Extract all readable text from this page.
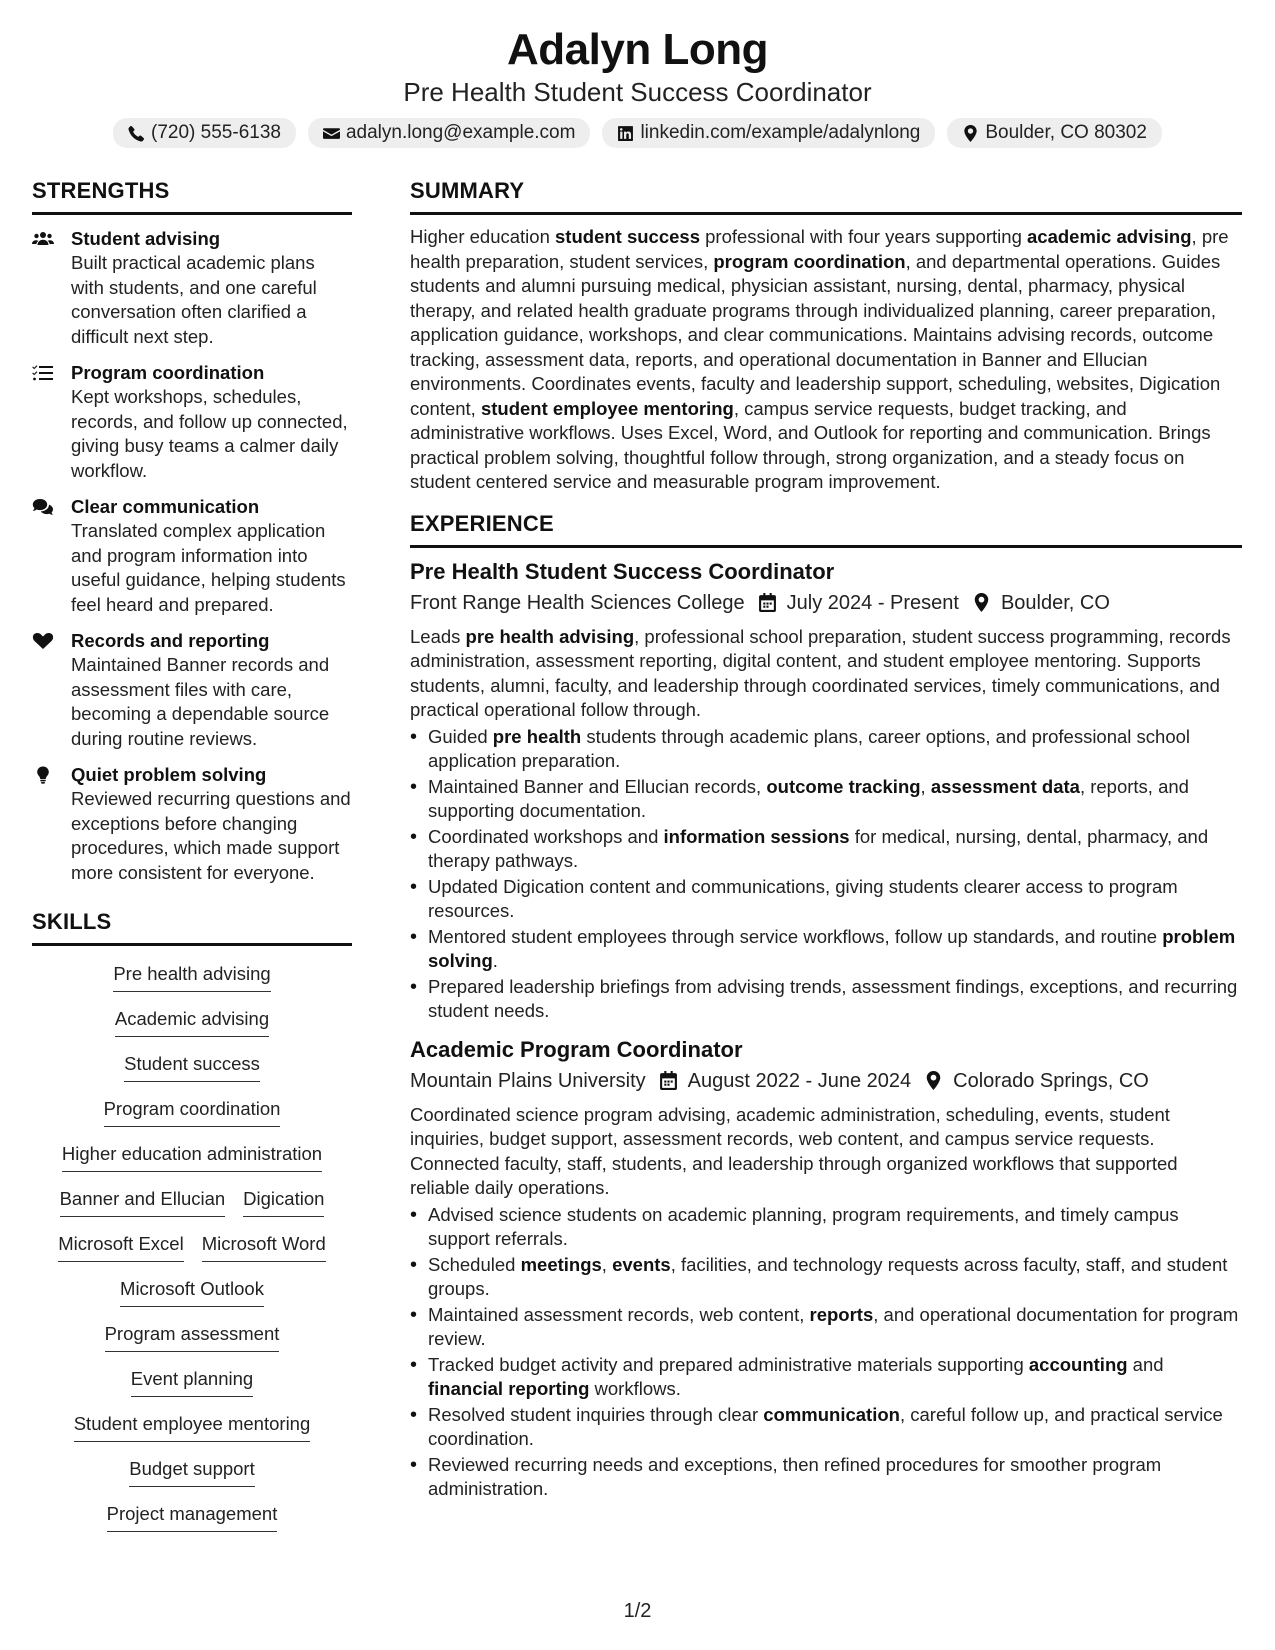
Adalyn Long
Pre Health Student Success Coordinator
(720) 555-6138	adalyn.long@example.com	linkedin.com/example/adalynlong	Boulder, CO 80302
STRENGTHS
Student advising
Built practical academic plans with students, and one careful conversation often clarified a difficult next step.
Program coordination
Kept workshops, schedules, records, and follow up connected, giving busy teams a calmer daily workflow.
Clear communication
Translated complex application and program information into useful guidance, helping students feel heard and prepared.
Records and reporting
Maintained Banner records and assessment files with care, becoming a dependable source during routine reviews.
Quiet problem solving
Reviewed recurring questions and exceptions before changing procedures, which made support more consistent for everyone.
SKILLS
Pre health advising
Academic advising
Student success
Program coordination
Higher education administration
Banner and Ellucian Digication
Microsoft Excel Microsoft Word
Microsoft Outlook
Program assessment
Event planning
Student employee mentoring
Budget support
Project management
SUMMARY

Higher education student success professional with four years supporting academic advising, pre health preparation, student services, program coordination, and departmental operations. Guides students and alumni pursuing medical, physician assistant, nursing, dental, pharmacy, physical therapy, and related health graduate programs through individualized planning, career preparation, application guidance, workshops, and clear communications. Maintains advising records, outcome tracking, assessment data, reports, and operational documentation in Banner and Ellucian environments. Coordinates events, faculty and leadership support, scheduling, websites, Digication content, student employee mentoring, campus service requests, budget tracking, and administrative workflows. Uses Excel, Word, and Outlook for reporting and communication. Brings practical problem solving, thoughtful follow through, strong organization, and a steady focus on student centered service and measurable program improvement.

EXPERIENCE
Pre Health Student Success Coordinator
Front Range Health Sciences College July 2024 - Present Boulder, CO

Leads pre health advising, professional school preparation, student success programming, records administration, assessment reporting, digital content, and student employee mentoring. Supports students, alumni, faculty, and leadership through coordinated services, timely communications, and practical operational follow through.

• Guided pre health students through academic plans, career options, and professional school application preparation.
• Maintained Banner and Ellucian records, outcome tracking, assessment data, reports, and supporting documentation.
• Coordinated workshops and information sessions for medical, nursing, dental, pharmacy, and therapy pathways.
• Updated Digication content and communications, giving students clearer access to program resources.
• Mentored student employees through service workflows, follow up standards, and routine problem solving.
• Prepared leadership briefings from advising trends, assessment findings, exceptions, and recurring student needs.
Academic Program Coordinator
Mountain Plains University August 2022 - June 2024 Colorado Springs, CO

Coordinated science program advising, academic administration, scheduling, events, student inquiries, budget support, assessment records, web content, and campus service requests. Connected faculty, staff, students, and leadership through organized workflows that supported reliable daily operations.

• Advised science students on academic planning, program requirements, and timely campus support referrals.
• Scheduled meetings, events, facilities, and technology requests across faculty, staff, and student groups.
• Maintained assessment records, web content, reports, and operational documentation for program review.
• Tracked budget activity and prepared administrative materials supporting accounting and financial reporting workflows.
• Resolved student inquiries through clear communication, careful follow up, and practical service coordination.
• Reviewed recurring needs and exceptions, then refined procedures for smoother program administration.
1/2
